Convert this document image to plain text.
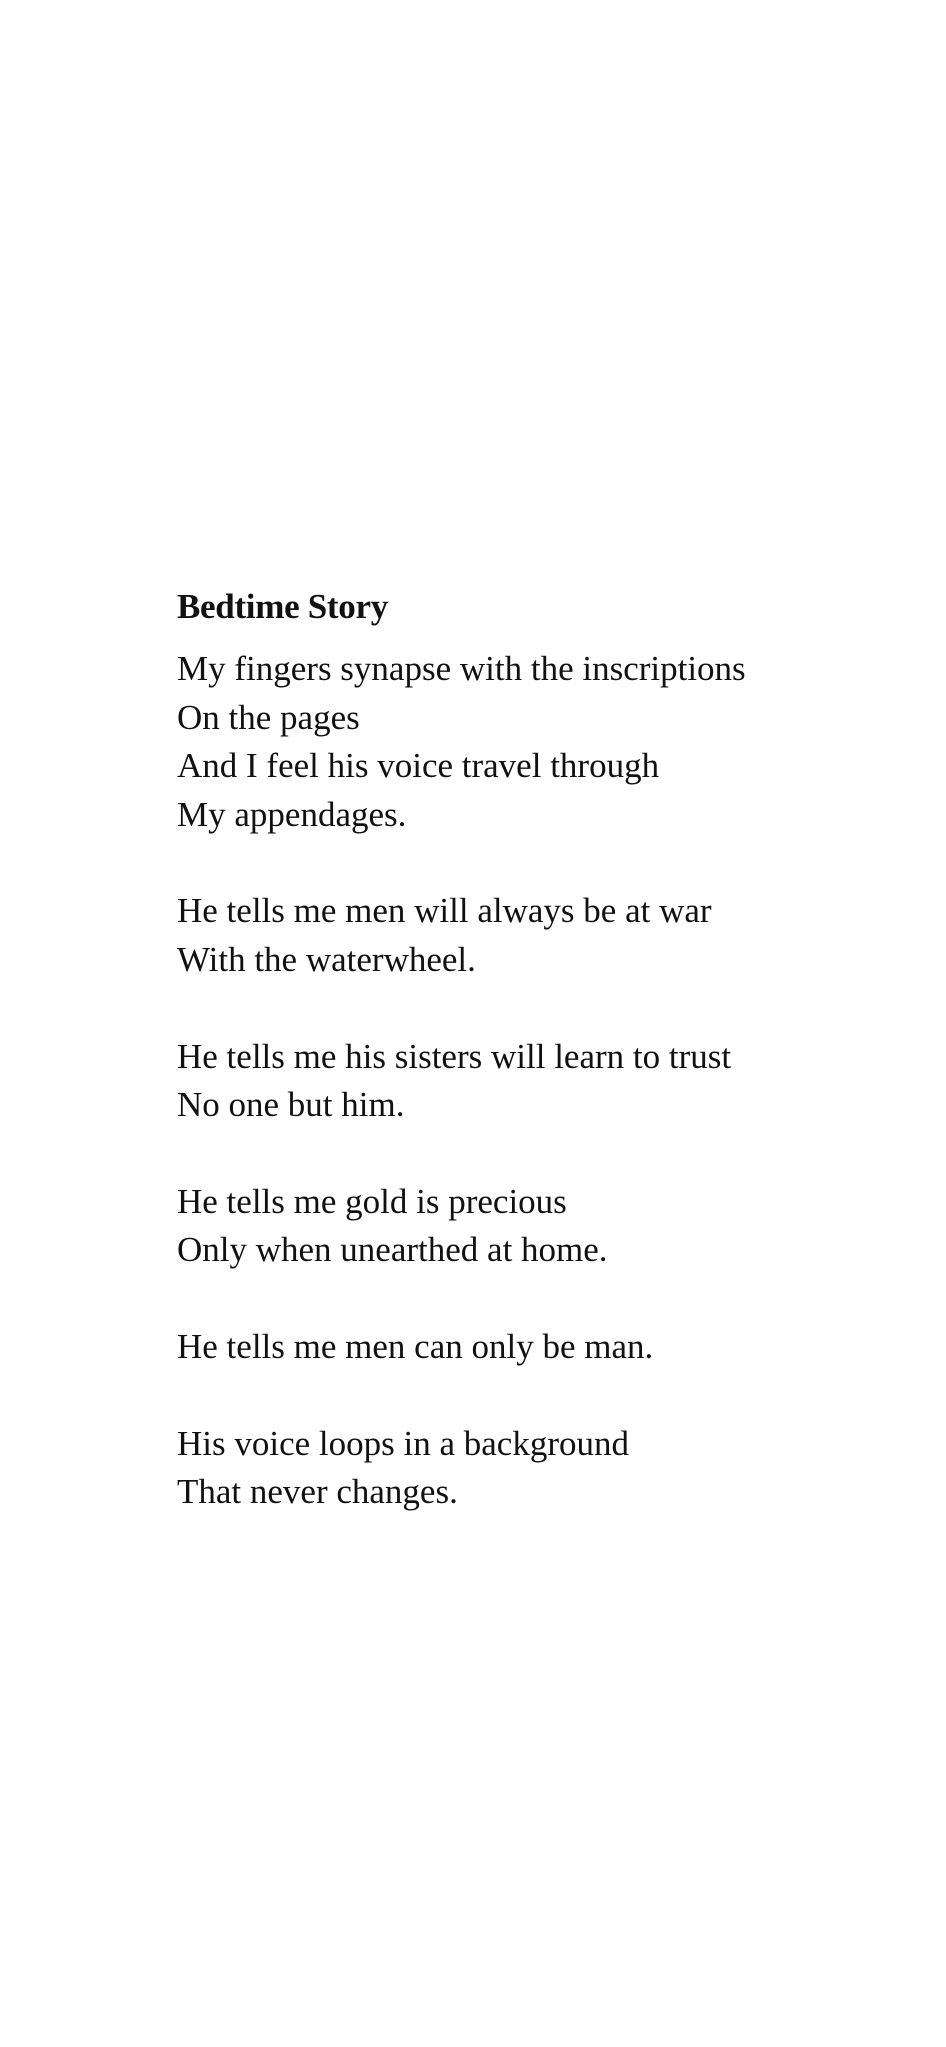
Bedtime Story
My fingers synapse with the inscriptions
On the pages
And I feel his voice travel through
My appendages.
He tells me men will always be at war
With the waterwheel.
He tells me his sisters will learn to trust
No one but him.
He tells me gold is precious
Only when unearthed at home.
He tells me men can only be man.
His voice loops in a background
That never changes.
